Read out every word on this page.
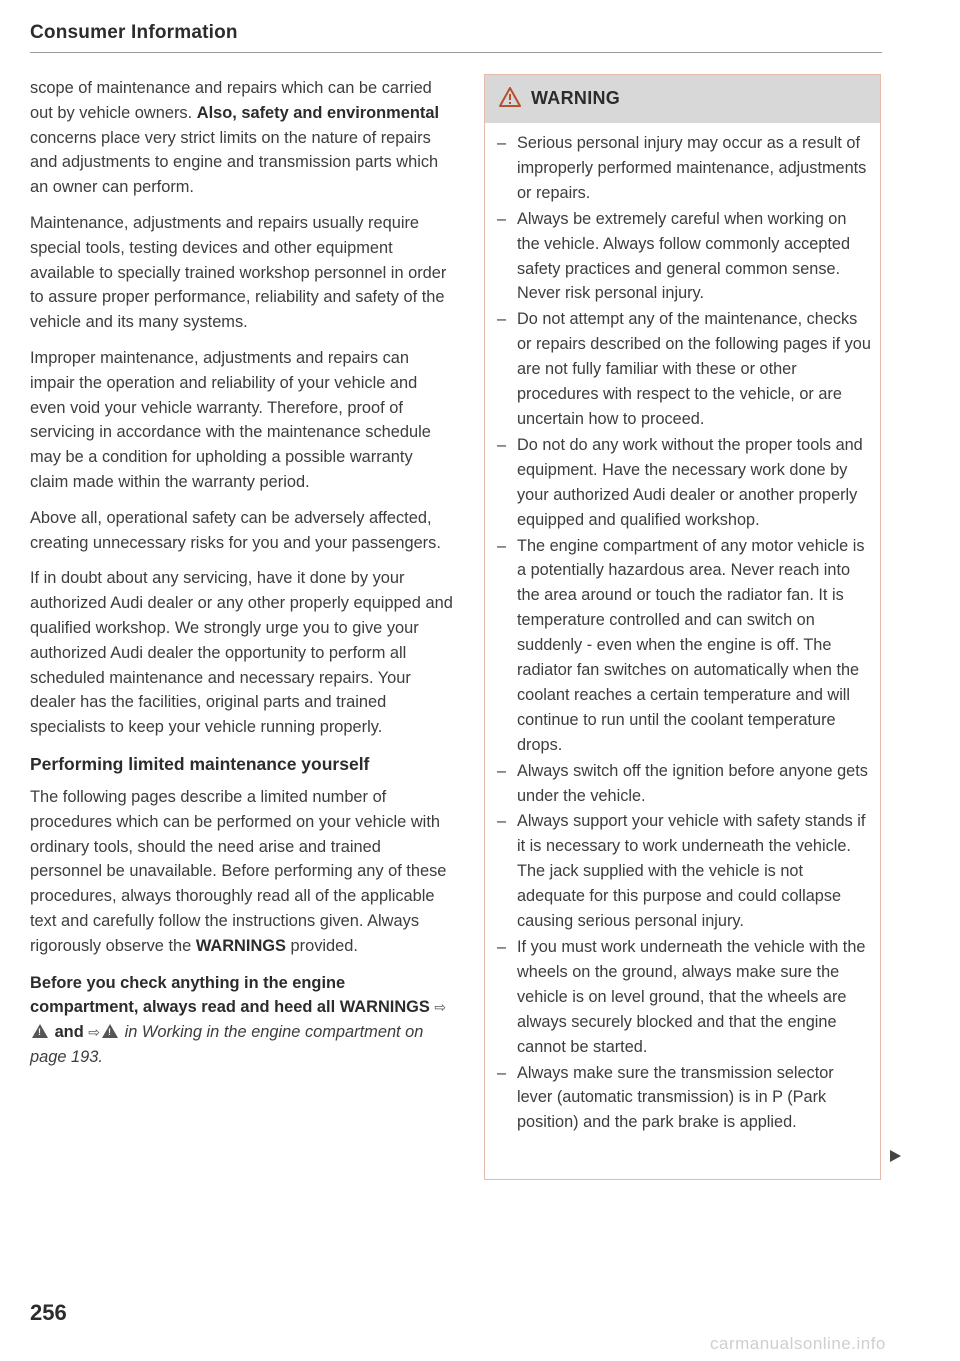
Consumer Information

scope of maintenance and repairs which can be carried out by vehicle owners. Also, safety and environmental concerns place very strict limits on the nature of repairs and adjustments to engine and transmission parts which an owner can perform.

Maintenance, adjustments and repairs usually require special tools, testing devices and other equipment available to specially trained workshop personnel in order to assure proper performance, reliability and safety of the vehicle and its many systems.

Improper maintenance, adjustments and repairs can impair the operation and reliability of your vehicle and even void your vehicle warranty. Therefore, proof of servicing in accordance with the maintenance schedule may be a condition for upholding a possible warranty claim made within the warranty period.

Above all, operational safety can be adversely affected, creating unnecessary risks for you and your passengers.

If in doubt about any servicing, have it done by your authorized Audi dealer or any other properly equipped and qualified workshop. We strongly urge you to give your authorized Audi dealer the opportunity to perform all scheduled maintenance and necessary repairs. Your dealer has the facilities, original parts and trained specialists to keep your vehicle running properly.

Performing limited maintenance yourself

The following pages describe a limited number of procedures which can be performed on your vehicle with ordinary tools, should the need arise and trained personnel be unavailable. Before performing any of these procedures, always thoroughly read all of the applicable text and carefully follow the instructions given. Always rigorously observe the WARNINGS provided.

Before you check anything in the engine compartment, always read and heed all WARNINGS ⇨! and ⇨! in Working in the engine compartment on page 193.

256
WARNING
– Serious personal injury may occur as a result of improperly performed maintenance, adjustments or repairs.
– Always be extremely careful when working on the vehicle. Always follow commonly accepted safety practices and general common sense. Never risk personal injury.
– Do not attempt any of the maintenance, checks or repairs described on the following pages if you are not fully familiar with these or other procedures with respect to the vehicle, or are uncertain how to proceed.
– Do not do any work without the proper tools and equipment. Have the necessary work done by your authorized Audi dealer or another properly equipped and qualified workshop.
– The engine compartment of any motor vehicle is a potentially hazardous area. Never reach into the area around or touch the radiator fan. It is temperature controlled and can switch on suddenly - even when the engine is off. The radiator fan switches on automatically when the coolant reaches a certain temperature and will continue to run until the coolant temperature drops.
– Always switch off the ignition before anyone gets under the vehicle.
– Always support your vehicle with safety stands if it is necessary to work underneath the vehicle. The jack supplied with the vehicle is not adequate for this purpose and could collapse causing serious personal injury.
– If you must work underneath the vehicle with the wheels on the ground, always make sure the vehicle is on level ground, that the wheels are always securely blocked and that the engine cannot be started.
– Always make sure the transmission selector lever (automatic transmission) is in P (Park position) and the park brake is applied.
carmanualsonline.info
